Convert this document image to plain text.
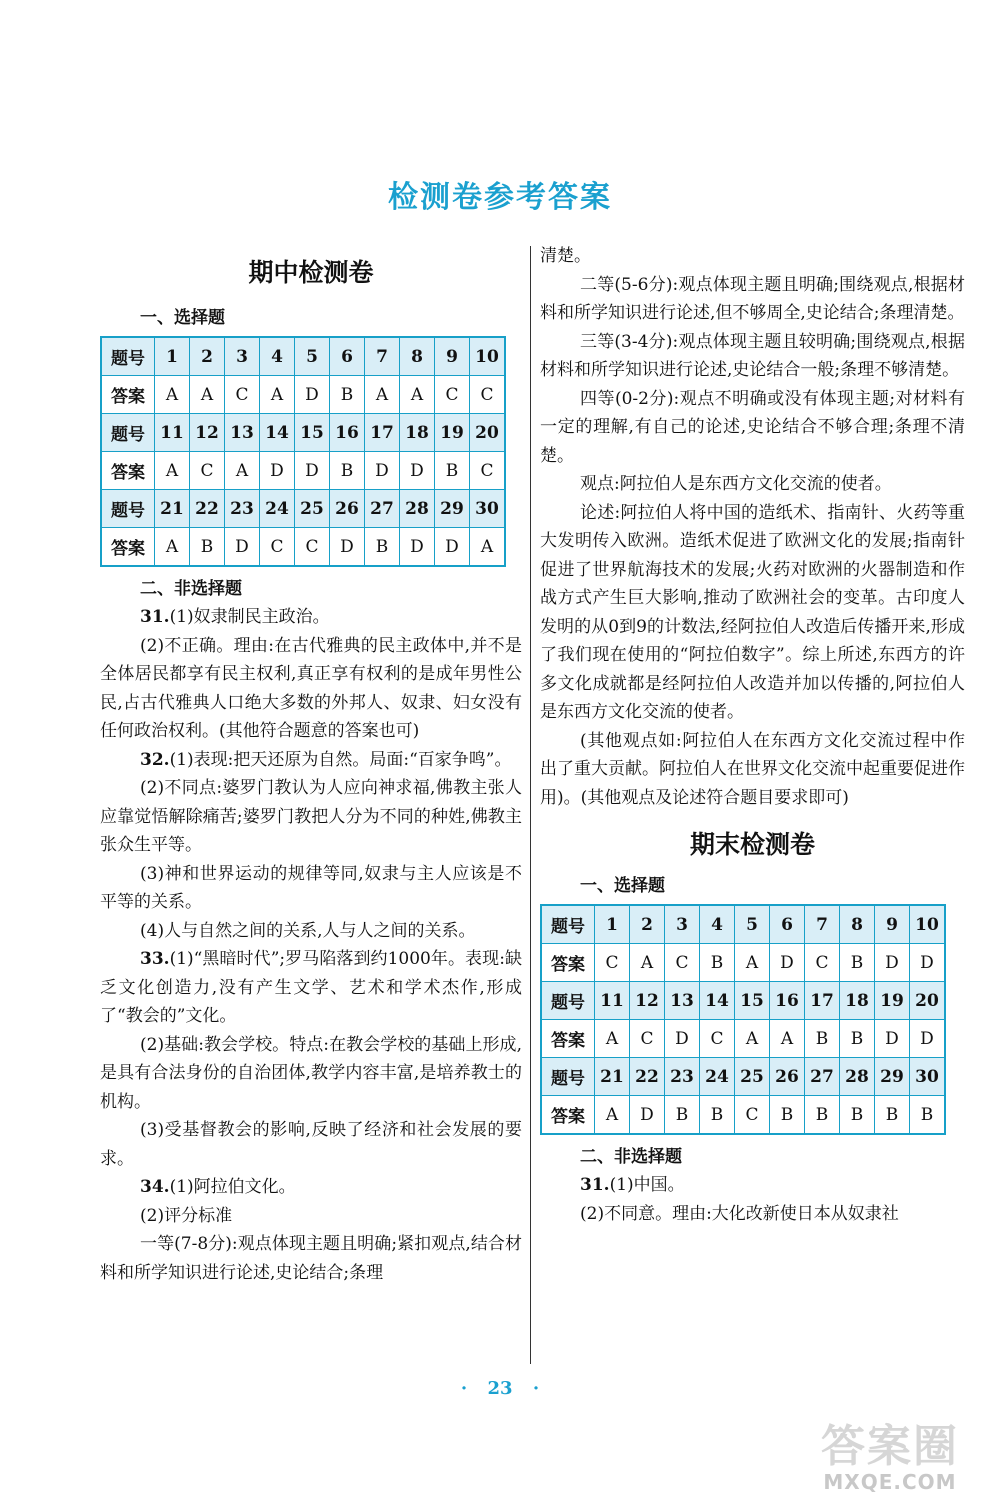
检测卷参考答案
期中检测卷
一、选择题
题号	1	2	3	4	5	6	7	8	9	10
答案	A	A	C	A	D	B	A	A	C	C
题号	11	12	13	14	15	16	17	18	19	20
答案	A	C	A	D	D	B	D	D	B	C
题号	21	22	23	24	25	26	27	28	29	30
答案	A	B	D	C	C	D	B	D	D	A
二、非选择题

31.(1)奴隶制民主政治。

(2)不正确。理由:在古代雅典的民主政体中,并不是全体居民都享有民主权利,真正享有权利的是成年男性公民,占古代雅典人口绝大多数的外邦人、奴隶、妇女没有任何政治权利。(其他符合题意的答案也可)

32.(1)表现:把天还原为自然。局面:“百家争鸣”。

(2)不同点:婆罗门教认为人应向神求福,佛教主张人应靠觉悟解除痛苦;婆罗门教把人分为不同的种姓,佛教主张众生平等。

(3)神和世界运动的规律等同,奴隶与主人应该是不平等的关系。

(4)人与自然之间的关系,人与人之间的关系。

33.(1)“黑暗时代”;罗马陷落到约1000年。表现:缺乏文化创造力,没有产生文学、艺术和学术杰作,形成了“教会的”文化。

(2)基础:教会学校。特点:在教会学校的基础上形成,是具有合法身份的自治团体,教学内容丰富,是培养教士的机构。

(3)受基督教会的影响,反映了经济和社会发展的要求。

34.(1)阿拉伯文化。

(2)评分标准

一等(7-8分):观点体现主题且明确;紧扣观点,结合材料和所学知识进行论述,史论结合;条理

清楚。

二等(5-6分):观点体现主题且明确;围绕观点,根据材料和所学知识进行论述,但不够周全,史论结合;条理清楚。

三等(3-4分):观点体现主题且较明确;围绕观点,根据材料和所学知识进行论述,史论结合一般;条理不够清楚。

四等(0-2分):观点不明确或没有体现主题;对材料有一定的理解,有自己的论述,史论结合不够合理;条理不清楚。

观点:阿拉伯人是东西方文化交流的使者。

论述:阿拉伯人将中国的造纸术、指南针、火药等重大发明传入欧洲。造纸术促进了欧洲文化的发展;指南针促进了世界航海技术的发展;火药对欧洲的火器制造和作战方式产生巨大影响,推动了欧洲社会的变革。古印度人发明的从0到9的计数法,经阿拉伯人改造后传播开来,形成了我们现在使用的“阿拉伯数字”。综上所述,东西方的许多文化成就都是经阿拉伯人改造并加以传播的,阿拉伯人是东西方文化交流的使者。

(其他观点如:阿拉伯人在东西方文化交流过程中作出了重大贡献。阿拉伯人在世界文化交流中起重要促进作用)。(其他观点及论述符合题目要求即可)

期末检测卷
一、选择题
题号	1	2	3	4	5	6	7	8	9	10
答案	C	A	C	B	A	D	C	B	D	D
题号	11	12	13	14	15	16	17	18	19	20
答案	A	C	D	C	A	A	B	B	D	D
题号	21	22	23	24	25	26	27	28	29	30
答案	A	D	B	B	C	B	B	B	B	B
二、非选择题

31.(1)中国。

(2)不同意。理由:大化改新使日本从奴隶社

· 23 ·
答案圈
MXQE.COM
